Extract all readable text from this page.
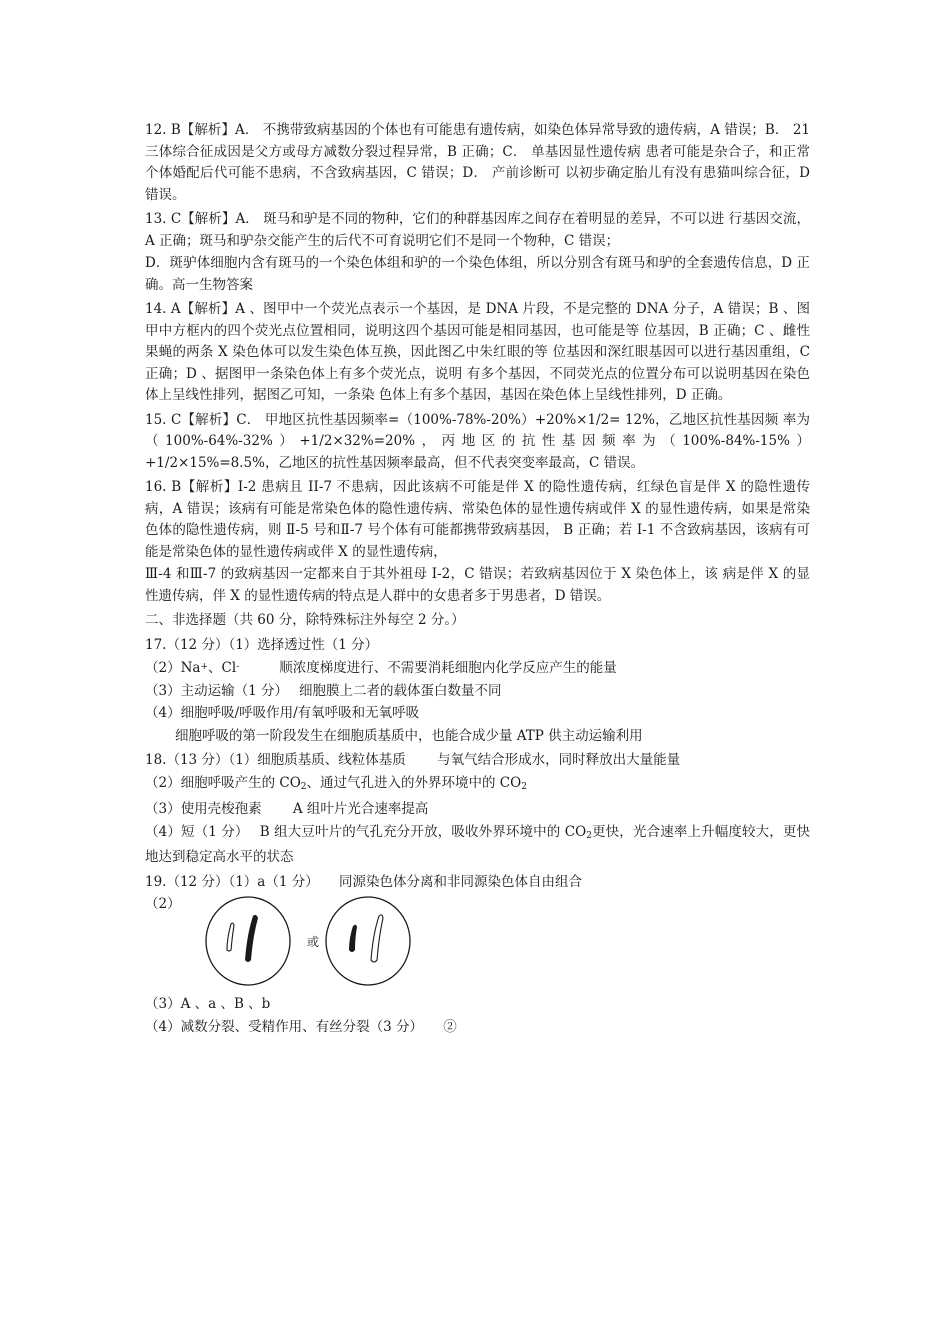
12. B【解析】A． 不携带致病基因的个体也有可能患有遗传病，如染色体异常导致的遗传病，A 错误；B． 21 三体综合征成因是父方或母方减数分裂过程异常，B 正确；C． 单基因显性遗传病 患者可能是杂合子，和正常个体婚配后代可能不患病，不含致病基因，C 错误；D． 产前诊断可 以初步确定胎儿有没有患猫叫综合征，D 错误。

13. C【解析】A． 斑马和驴是不同的物种，它们的种群基因库之间存在着明显的差异，不可以进 行基因交流，A 正确；斑马和驴杂交能产生的后代不可育说明它们不是同一个物种，C 错误；

D．斑驴体细胞内含有斑马的一个染色体组和驴的一个染色体组，所以分别含有斑马和驴的全套遗传信息，D 正确。高一生物答案

14. A【解析】A 、图甲中一个荧光点表示一个基因，是 DNA 片段，不是完整的 DNA 分子，A 错误；B 、图甲中方框内的四个荧光点位置相同，说明这四个基因可能是相同基因，也可能是等 位基因，B 正确；C 、雌性果蝇的两条 X 染色体可以发生染色体互换，因此图乙中朱红眼的等 位基因和深红眼基因可以进行基因重组，C 正确；D 、据图甲一条染色体上有多个荧光点，说明 有多个基因，不同荧光点的位置分布可以说明基因在染色体上呈线性排列，据图乙可知，一条染 色体上有多个基因，基因在染色体上呈线性排列，D 正确。

15. C【解析】C． 甲地区抗性基因频率=（100%-78%-20%）+20%×1/2= 12%，乙地区抗性基因频 率为（100%-64%-32%）+1/2×32%=20%，丙地区的抗性基因频率为（100%-84%-15%）+1/2×15%=8.5%，乙地区的抗性基因频率最高，但不代表突变率最高，C 错误。

16. B【解析】I-2 患病且 II-7 不患病，因此该病不可能是伴 X 的隐性遗传病，红绿色盲是伴 X 的隐性遗传病，A 错误；该病有可能是常染色体的隐性遗传病、常染色体的显性遗传病或伴 X 的显性遗传病，如果是常染色体的隐性遗传病，则 Ⅱ-5 号和Ⅱ-7 号个体有可能都携带致病基因， B 正确；若 I-1 不含致病基因，该病有可能是常染色体的显性遗传病或伴 X 的显性遗传病，

Ⅲ-4 和Ⅲ-7 的致病基因一定都来自于其外祖母 I-2，C 错误；若致病基因位于 X 染色体上，该 病是伴 X 的显性遗传病，伴 X 的显性遗传病的特点是人群中的女患者多于男患者，D 错误。

二、非选择题（共 60 分，除特殊标注外每空 2 分。）

17.（12 分）（1）选择透过性（1 分）

（2）Na+、Cl-	顺浓度梯度进行、不需要消耗细胞内化学反应产生的能量

（3）主动运输（1 分）　 细胞膜上二者的载体蛋白数量不同

（4）细胞呼吸/呼吸作用/有氧呼吸和无氧呼吸

细胞呼吸的第一阶段发生在细胞质基质中，也能合成少量 ATP 供主动运输利用

18.（13 分）（1）细胞质基质、线粒体基质　　 与氧气结合形成水，同时释放出大量能量

（2）细胞呼吸产生的 $CO_2$、通过气孔进入的外界环境中的 $CO_2$

（3）使用壳梭孢素　　 A 组叶片光合速率提高

（4）短（1 分）　 B 组大豆叶片的气孔充分开放，吸收外界环境中的 $CO_2$更快，光合速率上升幅度较大，更快地达到稳定高水平的状态

19.（12 分）（1）a（1 分）　　同源染色体分离和非同源染色体自由组合

（2）
或

（3）A 、a 、B 、b

（4）减数分裂、受精作用、有丝分裂（3 分）　　②
